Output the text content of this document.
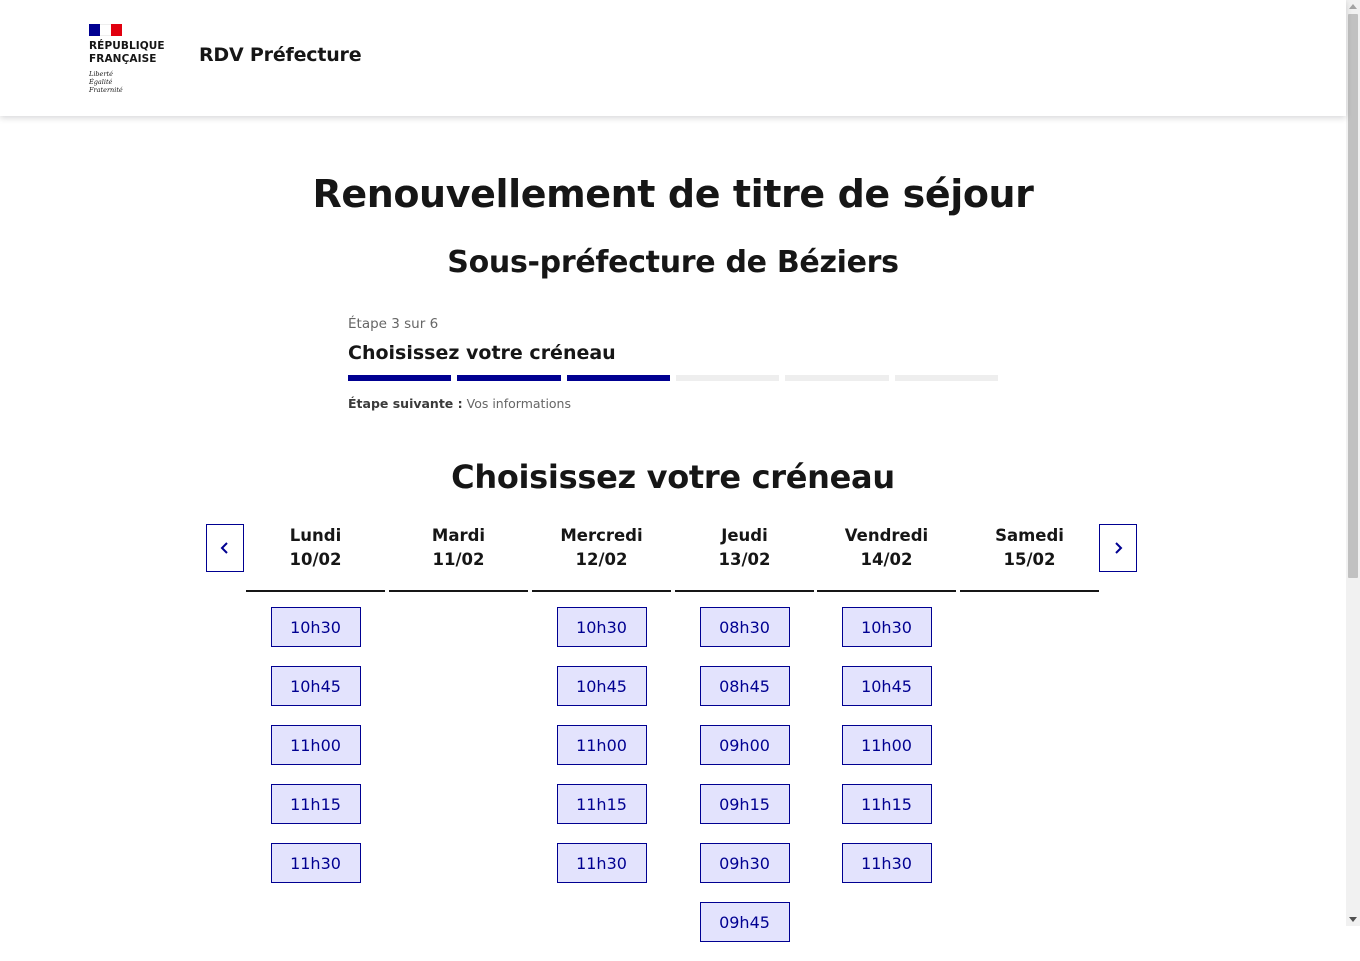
RÉPUBLIQUE
FRANÇAISE
Liberté
Égalité
Fraternité
RDV Préfecture
Renouvellement de titre de séjour
Sous-préfecture de Béziers
Étape 3 sur 6
Choisissez votre créneau
Étape suivante : Vos informations
Choisissez votre créneau
Lundi
10/02
10h30
10h45
11h00
11h15
11h30
Mardi
11/02
Mercredi
12/02
10h30
10h45
11h00
11h15
11h30
Jeudi
13/02
08h30
08h45
09h00
09h15
09h30
09h45
Vendredi
14/02
10h30
10h45
11h00
11h15
11h30
Samedi
15/02
